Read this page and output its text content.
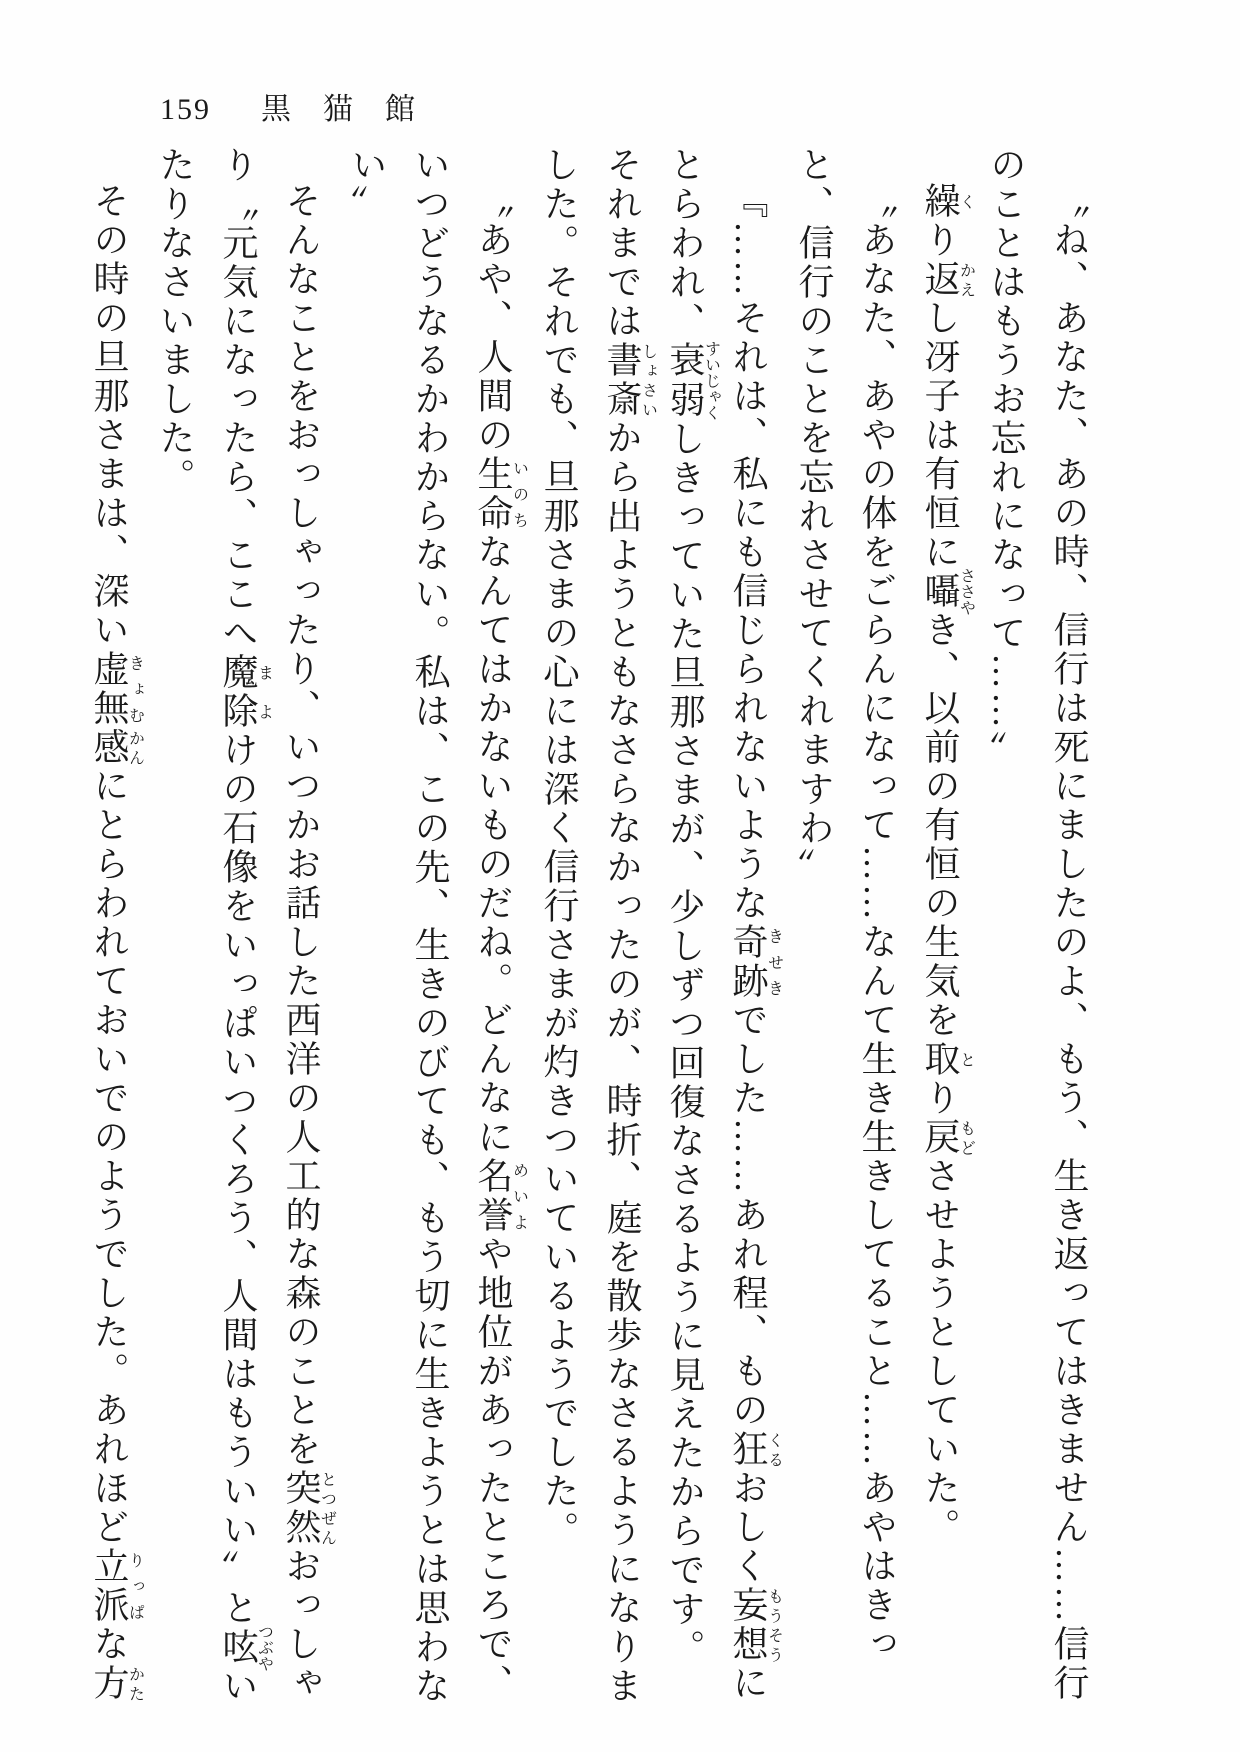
159 黒猫館

〝ね、あなた、あの時、信行は死にましたのよ、もう、生き返ってはきません……信行のことはもうお忘れになって……〟

繰くり返かえし冴子は有恒に囁ささやき、以前の有恒の生気を取とり戻もどさせようとしていた。

〝あなた、あやの体をごらんになって……なんて生き生きしてること……あやはきっと、信行のことを忘れさせてくれますわ〟

『……それは、私にも信じられないような奇跡きせきでした……あれ程、もの狂くるおしく妄想もうそうにとらわれ、衰弱すいじゃくしきっていた旦那さまが、少しずつ回復なさるように見えたからです。それまでは書斎しょさいから出ようともなさらなかったのが、時折、庭を散歩なさるようになりました。それでも、旦那さまの心には深く信行さまが灼きついているようでした。

〝あや、人間の生命いのちなんてはかないものだね。どんなに名誉めいよや地位があったところで、いつどうなるかわからない。私は、この先、生きのびても、もう切に生きようとは思わない〟

そんなことをおっしゃったり、いつかお話した西洋の人工的な森のことを突然とつぜんおっしゃり〝元気になったら、ここへ魔除まよけの石像をいっぱいつくろう、人間はもういい〟と呟つぶやいたりなさいました。

その時の旦那さまは、深い虚無きょむ感かんにとらわれておいでのようでした。あれほど立派りっぱな方かた
